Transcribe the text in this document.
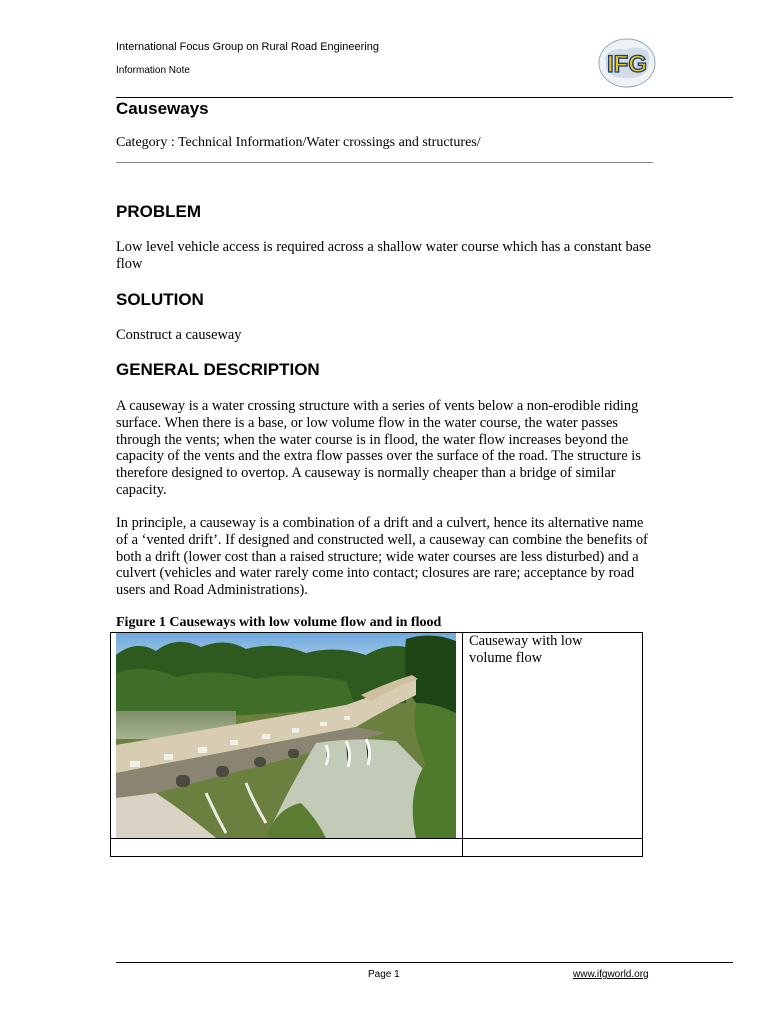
International Focus Group on Rural Road Engineering
Information Note	IFG
Causeways
Category : Technical Information/Water crossings and structures/
PROBLEM

Low level vehicle access is required across a shallow water course which has a constant base flow

SOLUTION

Construct a causeway

GENERAL DESCRIPTION

A causeway is a water crossing structure with a series of vents below a non-erodible riding surface. When there is a base, or low volume flow in the water course, the water passes through the vents; when the water course is in flood, the water flow increases beyond the capacity of the vents and the extra flow passes over the surface of the road. The structure is therefore designed to overtop. A causeway is normally cheaper than a bridge of similar capacity.

In principle, a causeway is a combination of a drift and a culvert, hence its alternative name of a ‘vented drift’. If designed and constructed well, a causeway can combine the benefits of both a drift (lower cost than a raised structure; wide water courses are less disturbed) and a culvert (vehicles and water rarely come into contact; closures are rare; acceptance by road users and Road Administrations).

Figure 1 Causeways with low volume flow and in flood
Causeway with low volume flow
Page 1	www.ifgworld.org
